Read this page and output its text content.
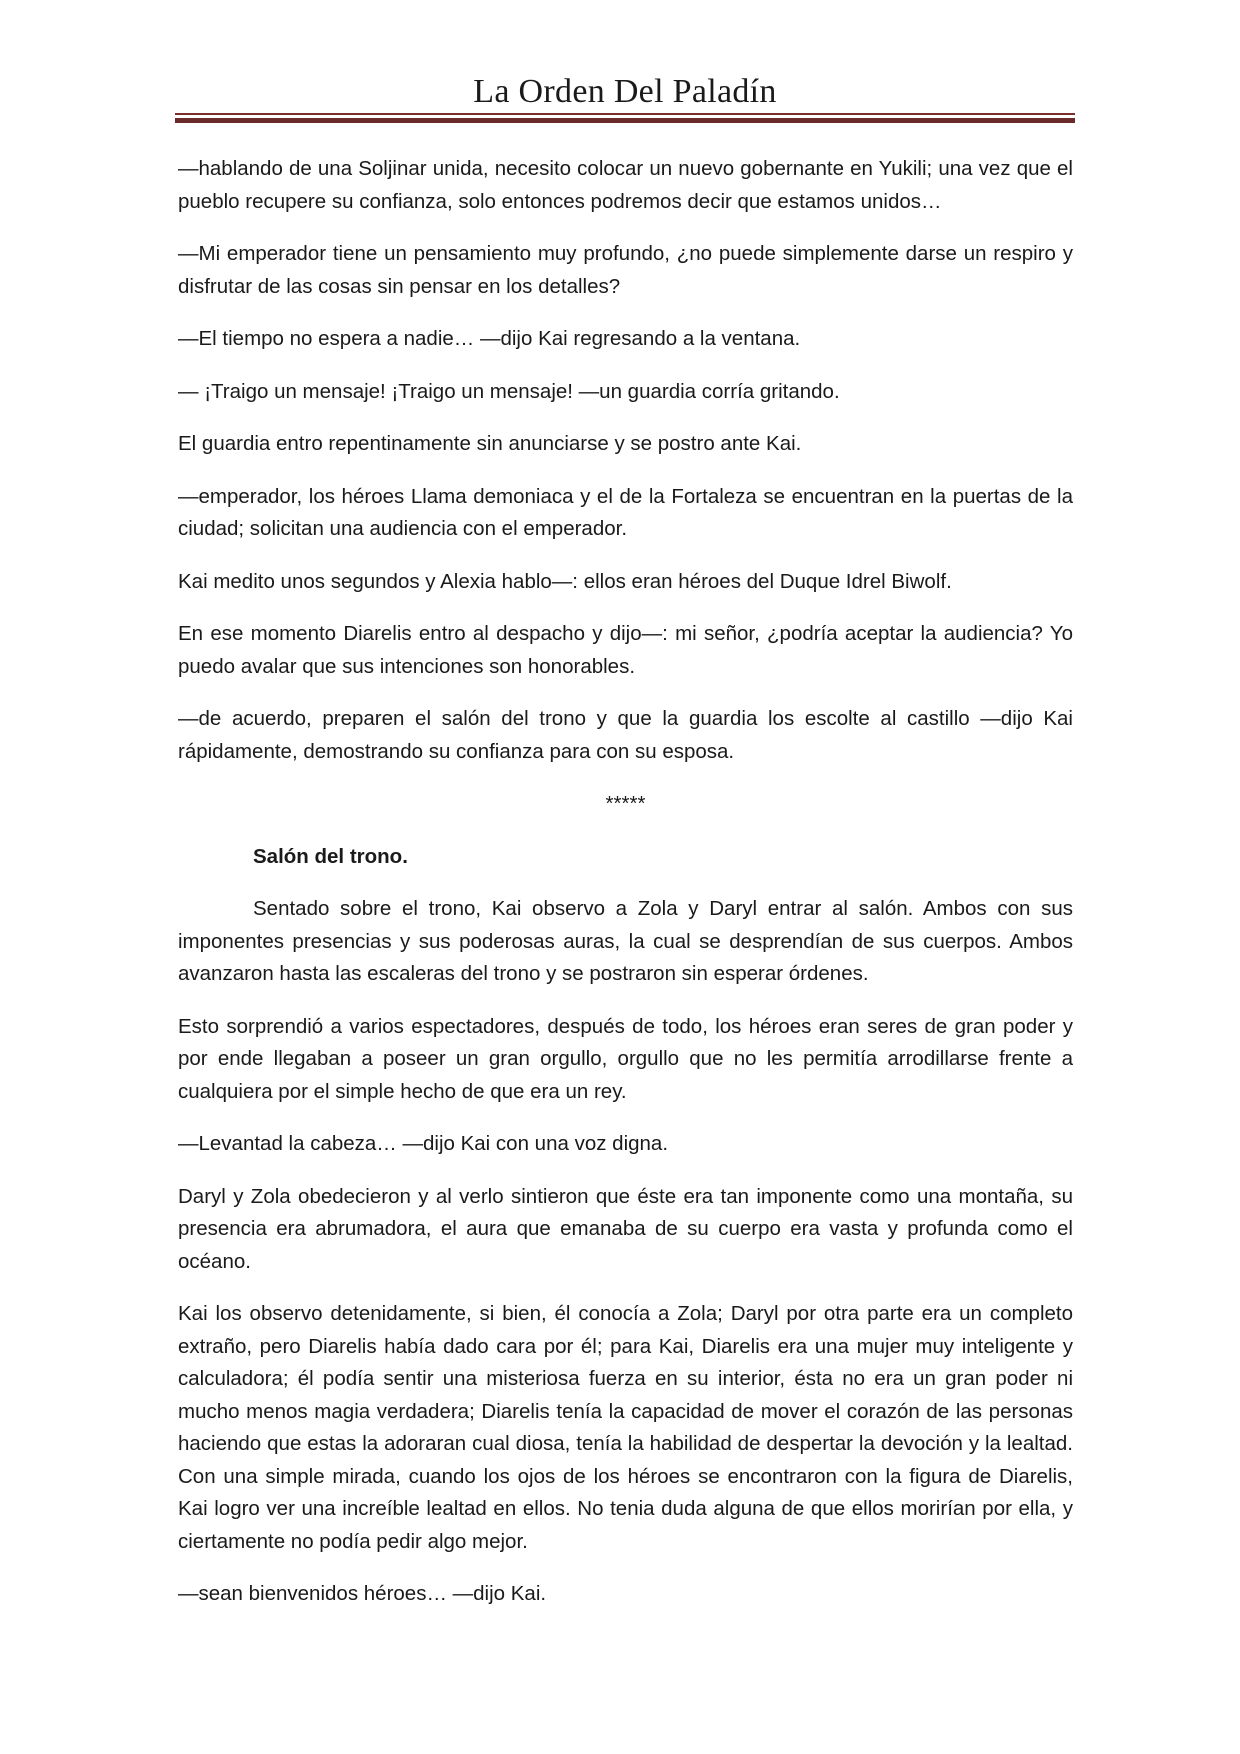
La Orden Del Paladín

—hablando de una Soljinar unida, necesito colocar un nuevo gobernante en Yukili; una vez que el pueblo recupere su confianza, solo entonces podremos decir que estamos unidos…

—Mi emperador tiene un pensamiento muy profundo, ¿no puede simplemente darse un respiro y disfrutar de las cosas sin pensar en los detalles?

—El tiempo no espera a nadie… —dijo Kai regresando a la ventana.

— ¡Traigo un mensaje! ¡Traigo un mensaje! —un guardia corría gritando.

El guardia entro repentinamente sin anunciarse y se postro ante Kai.

—emperador, los héroes Llama demoniaca y el de la Fortaleza se encuentran en la puertas de la ciudad; solicitan una audiencia con el emperador.

Kai medito unos segundos y Alexia hablo—: ellos eran héroes del Duque Idrel Biwolf.

En ese momento Diarelis entro al despacho y dijo—: mi señor, ¿podría aceptar la audiencia? Yo puedo avalar que sus intenciones son honorables.

—de acuerdo, preparen el salón del trono y que la guardia los escolte al castillo —dijo Kai rápidamente, demostrando su confianza para con su esposa.

*****

Salón del trono.

Sentado sobre el trono, Kai observo a Zola y Daryl entrar al salón. Ambos con sus imponentes presencias y sus poderosas auras, la cual se desprendían de sus cuerpos. Ambos avanzaron hasta las escaleras del trono y se postraron sin esperar órdenes.

Esto sorprendió a varios espectadores, después de todo, los héroes eran seres de gran poder y por ende llegaban a poseer un gran orgullo, orgullo que no les permitía arrodillarse frente a cualquiera por el simple hecho de que era un rey.

—Levantad la cabeza… —dijo Kai con una voz digna.

Daryl y Zola obedecieron y al verlo sintieron que éste era tan imponente como una montaña, su presencia era abrumadora, el aura que emanaba de su cuerpo era vasta y profunda como el océano.

Kai los observo detenidamente, si bien, él conocía a Zola; Daryl por otra parte era un completo extraño, pero Diarelis había dado cara por él; para Kai, Diarelis era una mujer muy inteligente y calculadora; él podía sentir una misteriosa fuerza en su interior, ésta no era un gran poder ni mucho menos magia verdadera; Diarelis tenía la capacidad de mover el corazón de las personas haciendo que estas la adoraran cual diosa, tenía la habilidad de despertar la devoción y la lealtad. Con una simple mirada, cuando los ojos de los héroes se encontraron con la figura de Diarelis, Kai logro ver una increíble lealtad en ellos. No tenia duda alguna de que ellos morirían por ella, y ciertamente no podía pedir algo mejor.

—sean bienvenidos héroes… —dijo Kai.
